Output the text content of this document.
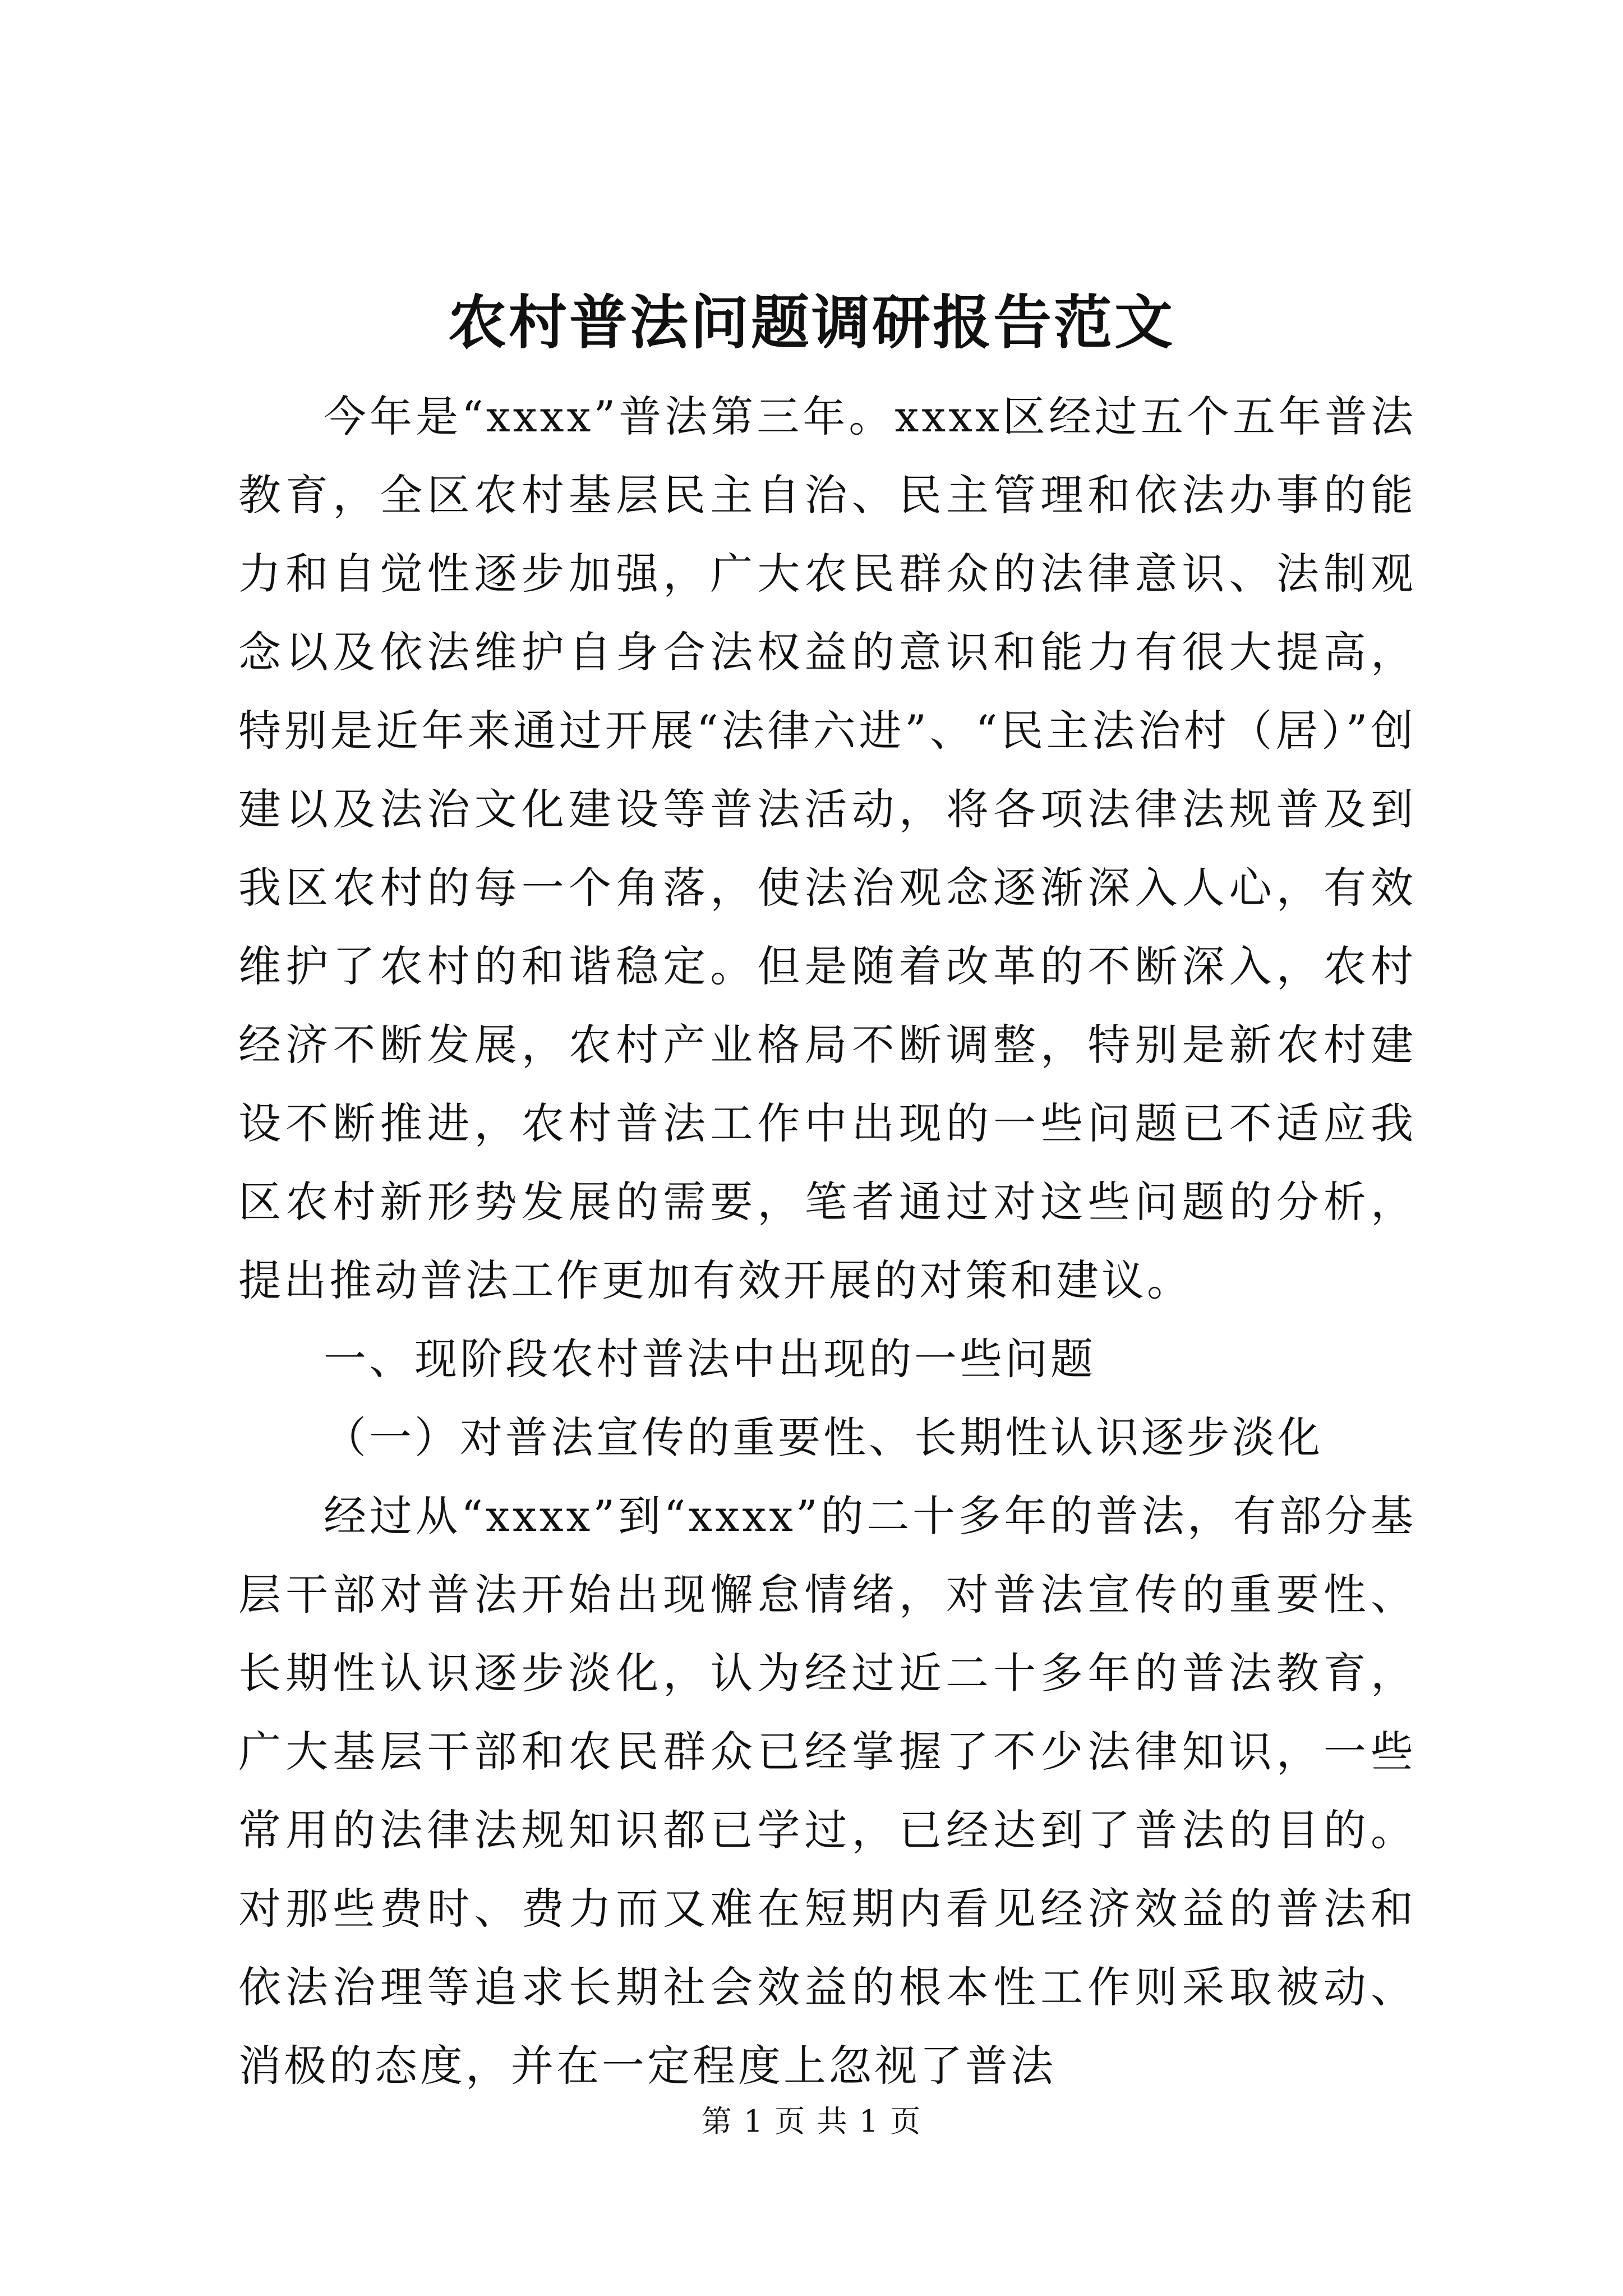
农村普法问题调研报告范文

今年是“xxxx”普法第三年。xxxx区经过五个五年普法教育，全区农村基层民主自治、民主管理和依法办事的能力和自觉性逐步加强，广大农民群众的法律意识、法制观念以及依法维护自身合法权益的意识和能力有很大提高，特别是近年来通过开展“法律六进”、“民主法治村（居）”创建以及法治文化建设等普法活动，将各项法律法规普及到我区农村的每一个角落，使法治观念逐渐深入人心，有效维护了农村的和谐稳定。但是随着改革的不断深入，农村经济不断发展，农村产业格局不断调整，特别是新农村建设不断推进，农村普法工作中出现的一些问题已不适应我区农村新形势发展的需要，笔者通过对这些问题的分析，提出推动普法工作更加有效开展的对策和建议。

一、现阶段农村普法中出现的一些问题

（一）对普法宣传的重要性、长期性认识逐步淡化

经过从“xxxx”到“xxxx”的二十多年的普法，有部分基层干部对普法开始出现懈怠情绪，对普法宣传的重要性、长期性认识逐步淡化，认为经过近二十多年的普法教育，广大基层干部和农民群众已经掌握了不少法律知识，一些常用的法律法规知识都已学过，已经达到了普法的目的。对那些费时、费力而又难在短期内看见经济效益的普法和依法治理等追求长期社会效益的根本性工作则采取被动、消极的态度，并在一定程度上忽视了普法

第 1 页 共 1 页
